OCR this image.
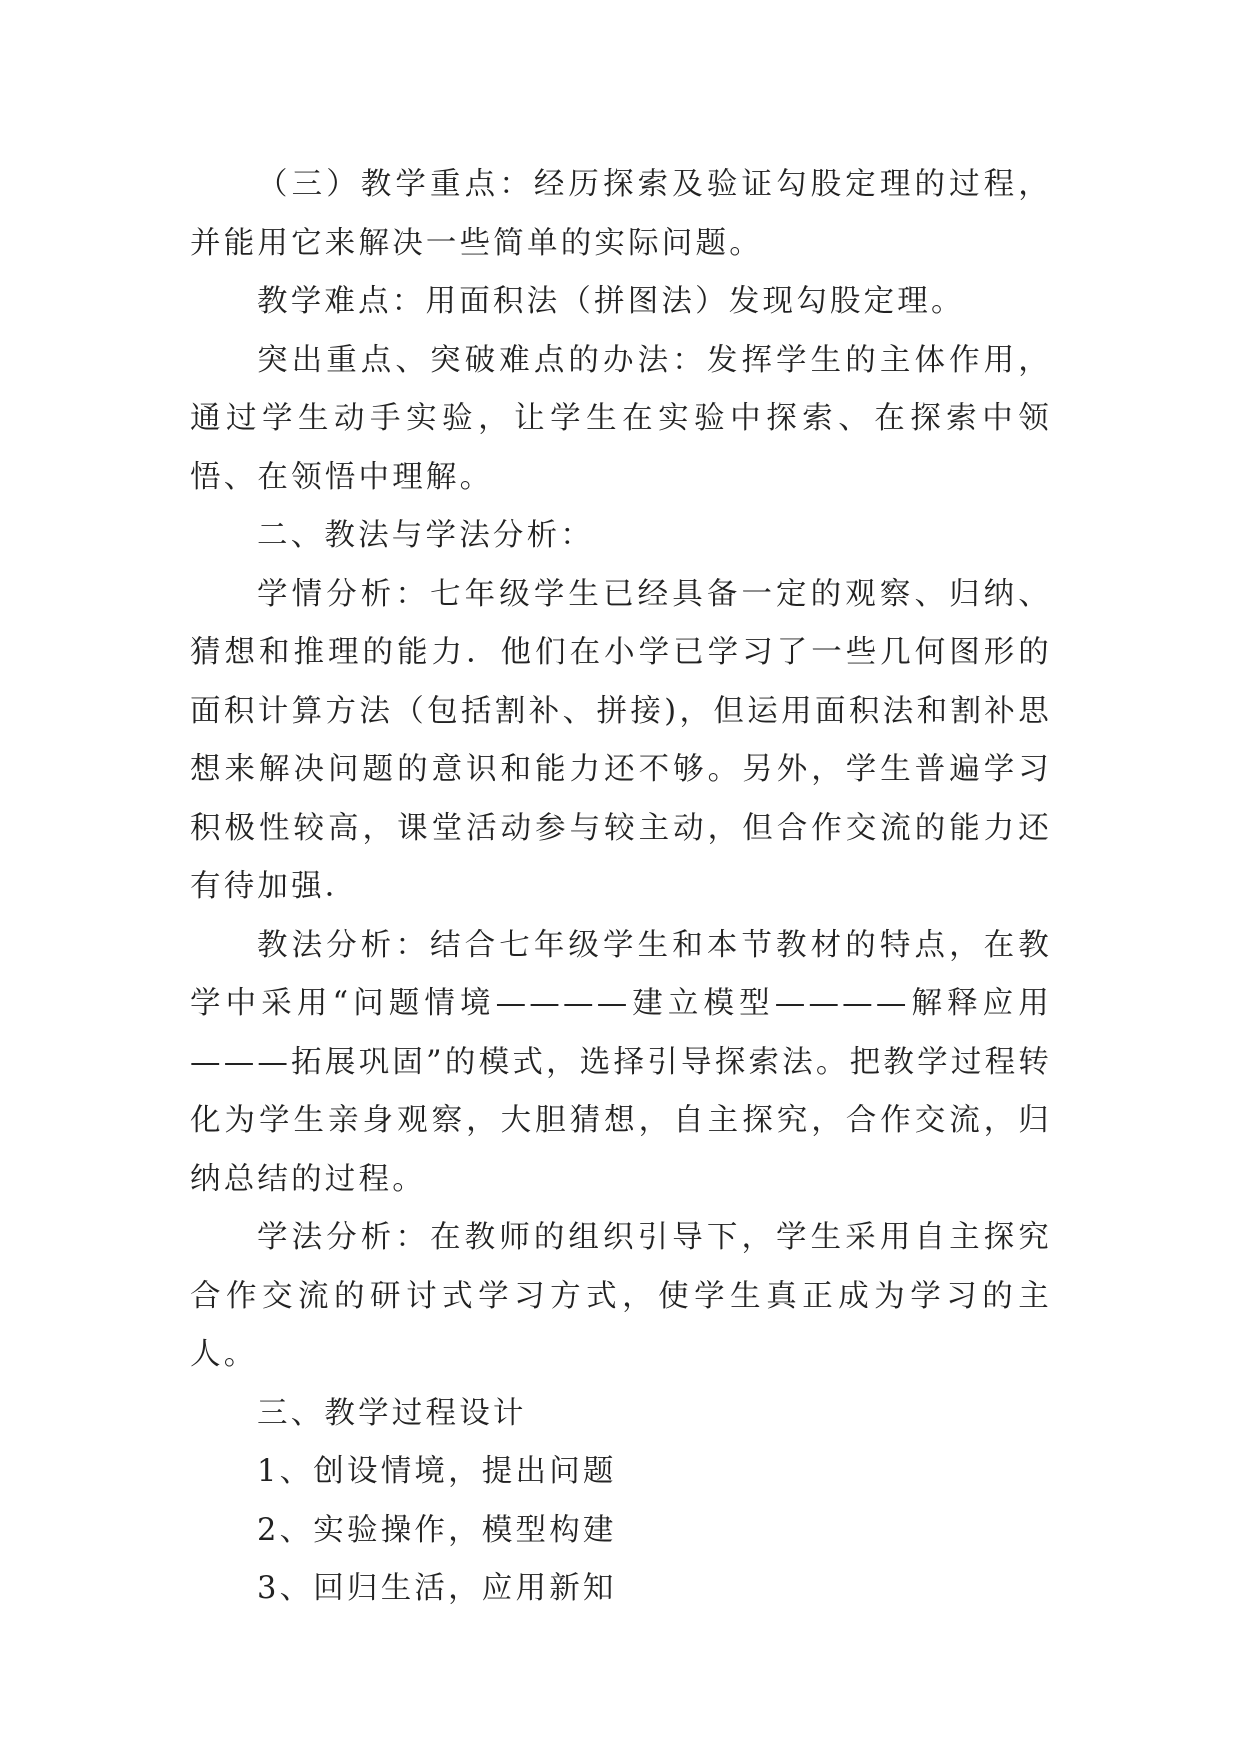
（三）教学重点：经历探索及验证勾股定理的过程，并能用它来解决一些简单的实际问题。

教学难点：用面积法（拼图法）发现勾股定理。

突出重点、突破难点的办法：发挥学生的主体作用，通过学生动手实验，让学生在实验中探索、在探索中领悟、在领悟中理解。

二、教法与学法分析：

学情分析：七年级学生已经具备一定的观察、归纳、猜想和推理的能力．他们在小学已学习了一些几何图形的面积计算方法（包括割补、拼接)，但运用面积法和割补思想来解决问题的意识和能力还不够。另外，学生普遍学习积极性较高，课堂活动参与较主动，但合作交流的能力还有待加强．

教法分析：结合七年级学生和本节教材的特点，在教学中采用“问题情境————建立模型————解释应用———拓展巩固”的模式，选择引导探索法。把教学过程转化为学生亲身观察，大胆猜想，自主探究，合作交流，归纳总结的过程。

学法分析：在教师的组织引导下，学生采用自主探究合作交流的研讨式学习方式，使学生真正成为学习的主人。

三、教学过程设计

1、创设情境，提出问题

2、实验操作，模型构建

3、回归生活，应用新知
